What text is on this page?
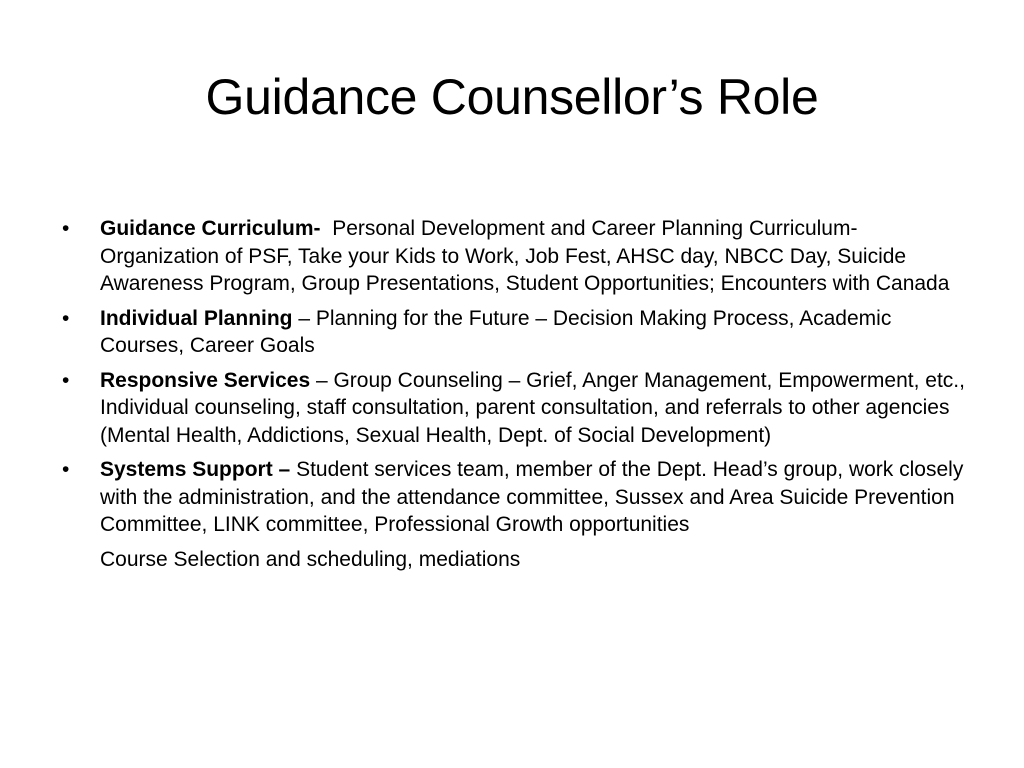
Guidance Counsellor’s Role
•	Guidance Curriculum-  Personal Development and Career Planning Curriculum- Organization of PSF, Take your Kids to Work, Job Fest, AHSC day, NBCC Day, Suicide Awareness Program, Group Presentations, Student Opportunities; Encounters with Canada
•	Individual Planning – Planning for the Future – Decision Making Process, Academic Courses, Career Goals
•	Responsive Services – Group Counseling – Grief, Anger Management, Empowerment, etc., Individual counseling, staff consultation, parent consultation, and referrals to other agencies (Mental Health, Addictions, Sexual Health, Dept. of Social Development)
•	Systems Support – Student services team, member of the Dept. Head’s group, work closely with the administration, and the attendance committee, Sussex and Area Suicide Prevention Committee, LINK committee, Professional Growth opportunities
Course Selection and scheduling, mediations
